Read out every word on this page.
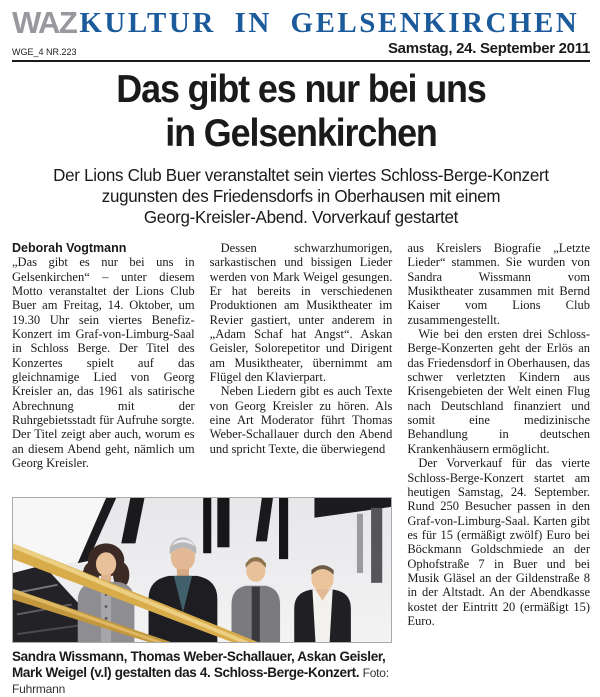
WAZ KULTUR IN GELSENKIRCHEN
WGE_4 NR.223	Samstag, 24. September 2011
Das gibt es nur bei uns
in Gelsenkirchen
Der Lions Club Buer veranstaltet sein viertes Schloss-Berge-Konzert
zugunsten des Friedensdorfs in Oberhausen mit einem
Georg-Kreisler-Abend. Vorverkauf gestartet

Deborah Vogtmann

„Das gibt es nur bei uns in Gelsenkirchen“ – unter diesem Motto veranstaltet der Lions Club Buer am Freitag, 14. Oktober, um 19.30 Uhr sein viertes Benefiz-Konzert im Graf-von-Limburg-Saal in Schloss Berge. Der Titel des Konzertes spielt auf das gleichnamige Lied von Georg Kreisler an, das 1961 als satirische Abrechnung mit der Ruhrgebietsstadt für Aufruhe sorgte. Der Titel zeigt aber auch, worum es an diesem Abend geht, nämlich um Georg Kreisler.

Dessen schwarzhumorigen, sarkastischen und bissigen Lieder werden von Mark Weigel gesungen. Er hat bereits in verschiedenen Produktionen am Musiktheater im Revier gastiert, unter anderem in „Adam Schaf hat Angst“. Askan Geisler, Solorepetitor und Dirigent am Musiktheater, übernimmt am Flügel den Klavierpart.

Neben Liedern gibt es auch Texte von Georg Kreisler zu hören. Als eine Art Moderator führt Thomas Weber-Schallauer durch den Abend und spricht Texte, die überwiegend

aus Kreislers Biografie „Letzte Lieder“ stammen. Sie wurden von Sandra Wissmann vom Musiktheater zusammen mit Bernd Kaiser vom Lions Club zusammengestellt.

Wie bei den ersten drei Schloss-Berge-Konzerten geht der Erlös an das Friedensdorf in Oberhausen, das schwer verletzten Kindern aus Krisengebieten der Welt einen Flug nach Deutschland finanziert und somit eine medizinische Behandlung in deutschen Krankenhäusern ermöglicht.

Der Vorverkauf für das vierte Schloss-Berge-Konzert startet am heutigen Samstag, 24. September. Rund 250 Besucher passen in den Graf-von-Limburg-Saal. Karten gibt es für 15 (ermäßigt zwölf) Euro bei Böckmann Goldschmiede an der Ophofstraße 7 in Buer und bei Musik Gläsel an der Gildenstraße 8 in der Altstadt. An der Abendkasse kostet der Eintritt 20 (ermäßigt 15) Euro.

Sandra Wissmann, Thomas Weber-Schallauer, Askan Geisler, Mark Weigel (v.l) gestalten das 4. Schloss-Berge-Konzert. Foto: Fuhrmann
